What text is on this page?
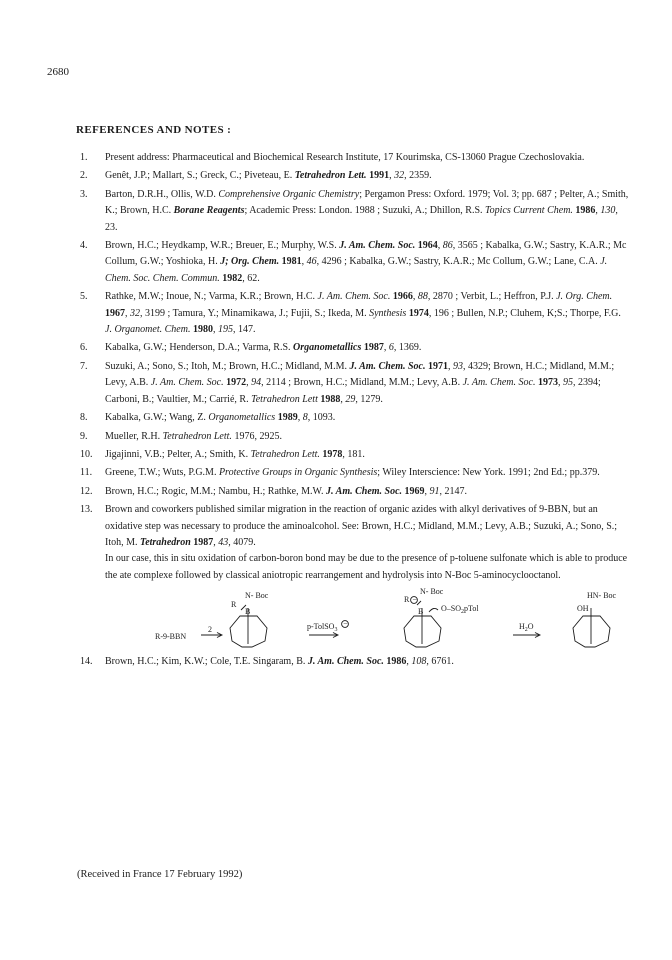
2680
REFERENCES AND NOTES :
1. Present address: Pharmaceutical and Biochemical Research Institute, 17 Kourimska, CS-13060 Prague Czechoslovakia.
2. Genêt, J.P.; Mallart, S.; Greck, C.; Piveteau, E. Tetrahedron Lett. 1991, 32, 2359.
3. Barton, D.R.H., Ollis, W.D. Comprehensive Organic Chemistry; Pergamon Press: Oxford. 1979; Vol. 3; pp. 687 ; Pelter, A.; Smith, K.; Brown, H.C. Borane Reagents; Academic Press: London. 1988 ; Suzuki, A.; Dhillon, R.S. Topics Current Chem. 1986, 130, 23.
4. Brown, H.C.; Heydkamp, W.R.; Breuer, E.; Murphy, W.S. J. Am. Chem. Soc. 1964, 86, 3565 ; Kabalka, G.W.; Sastry, K.A.R.; Mc Collum, G.W.; Yoshioka, H. J; Org. Chem. 1981, 46, 4296 ; Kabalka, G.W.; Sastry, K.A.R.; Mc Collum, G.W.; Lane, C.A. J. Chem. Soc. Chem. Commun. 1982, 62.
5. Rathke, M.W.; Inoue, N.; Varma, K.R.; Brown, H.C. J. Am. Chem. Soc. 1966, 88, 2870 ; Verbit, L.; Heffron, P.J. J. Org. Chem. 1967, 32, 3199 ; Tamura, Y.; Minamikawa, J.; Fujii, S.; Ikeda, M. Synthesis 1974, 196 ; Bullen, N.P.; Cluhem, K;S.; Thorpe, F.G. J. Organomet. Chem. 1980, 195, 147.
6. Kabalka, G.W.; Henderson, D.A.; Varma, R.S. Organometallics 1987, 6, 1369.
7. Suzuki, A.; Sono, S.; Itoh, M.; Brown, H.C.; Midland, M.M. J. Am. Chem. Soc. 1971, 93, 4329; Brown, H.C.; Midland, M.M.; Levy, A.B. J. Am. Chem. Soc. 1972, 94, 2114 ; Brown, H.C.; Midland, M.M.; Levy, A.B. J. Am. Chem. Soc. 1973, 95, 2394; Carboni, B.; Vaultier, M.; Carrié, R. Tetrahedron Lett 1988, 29, 1279.
8. Kabalka, G.W.; Wang, Z. Organometallics 1989, 8, 1093.
9. Mueller, R.H. Tetrahedron Lett. 1976, 2925.
10. Jigajinni, V.B.; Pelter, A.; Smith, K. Tetrahedron Lett. 1978, 181.
11. Greene, T.W.; Wuts, P.G.M. Protective Groups in Organic Synthesis; Wiley Interscience: New York. 1991; 2nd Ed.; pp.379.
12. Brown, H.C.; Rogic, M.M.; Nambu, H.; Rathke, M.W. J. Am. Chem. Soc. 1969, 91, 2147.
13. Brown and coworkers published similar migration in the reaction of organic azides with alkyl derivatives of 9-BBN, but an oxidative step was necessary to produce the aminoalcohol. See: Brown, H.C.; Midland, M.M.; Levy, A.B.; Suzuki, A.; Sono, S.; Itoh, M. Tetrahedron 1987, 43, 4079.
In our case, this in situ oxidation of carbon-boron bond may be due to the presence of p-toluene sulfonate which is able to produce the ate complexe followed by classical aniotropic rearrangement and hydrolysis into N-Boc 5-aminocyclooctanol.
R-9-BBN
2
N- Boc
R
B
p-TolSO$_3$
−
N- Boc
R −
B $O‒SO_2pTol$
$H_2O$
HN- Boc
OH
14. Brown, H.C.; Kim, K.W.; Cole, T.E. Singaram, B. J. Am. Chem. Soc. 1986, 108, 6761.
(Received in France 17 February 1992)
